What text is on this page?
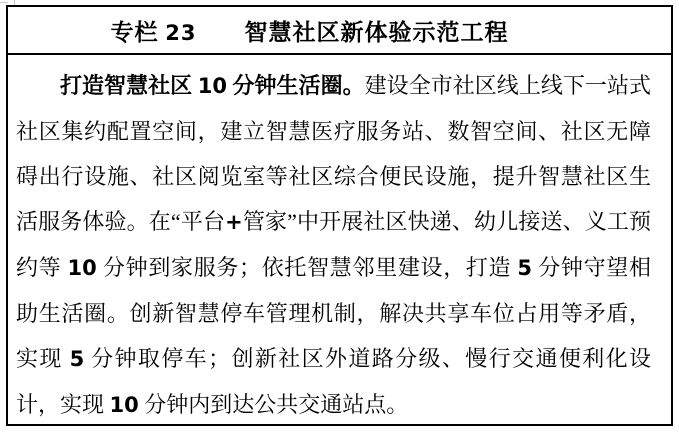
专栏 23　　智慧社区新体验示范工程

打造智慧社区 10 分钟生活圈。建设全市社区线上线下一站式社区集约配置空间，建立智慧医疗服务站、数智空间、社区无障碍出行设施、社区阅览室等社区综合便民设施，提升智慧社区生活服务体验。在“平台+管家”中开展社区快递、幼儿接送、义工预约等 10 分钟到家服务；依托智慧邻里建设，打造 5 分钟守望相助生活圈。创新智慧停车管理机制，解决共享车位占用等矛盾，实现 5 分钟取停车；创新社区外道路分级、慢行交通便利化设计，实现 10 分钟内到达公共交通站点。
